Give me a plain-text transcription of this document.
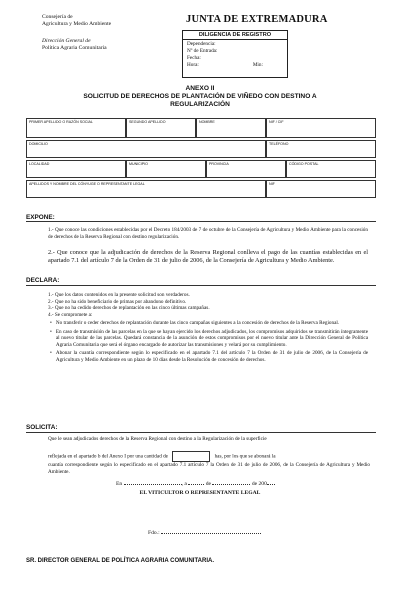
Consejería de
Agricultura y Medio Ambiente
Dirección General de
Política Agraria Comunitaria
JUNTA DE EXTREMADURA
DILIGENCIA DE REGISTRO
Dependencia:
Nº de Entrada:
Fecha:
Hora:	Min:
ANEXO II
SOLICITUD DE DERECHOS DE PLANTACIÓN DE VIÑEDO CON DESTINO A
REGULARIZACIÓN
PRIMER APELLIDO O RAZÓN SOCIAL	SEGUNDO APELLIDO	NOMBRE	NIF / CIF
DOMICILIO	TELÉFONO
LOCALIDAD	MUNICIPIO	PROVINCIA	CÓDIGO POSTAL
APELLIDOS Y NOMBRE DEL CÓNYUGE O REPRESENTANTE LEGAL	NIF
EXPONE:
1.- Que conoce las condiciones establecidas por el Decreto 184/2003 de 7 de octubre de la Consejería de Agricultura y Medio Ambiente para la concesión de derechos de la Reserva Regional con destino regularización.
2.- Que conoce que la adjudicación de derechos de la Reserva Regional conlleva el pago de las cuantías establecidas en el apartado 7.1 del artículo 7 de la Orden de 31 de julio de 2006, de la Consejería de Agricultura y Medio Ambiente.
DECLARA:
1.- Que los datos contenidos en la presente solicitud son verdaderos.
2.- Que no ha sido beneficiario de primas por abandono definitivo.
3.- Que no ha cedido derechos de replantación en las cinco últimas campañas.
4.- Se compromete a:
• No transferir o ceder derechos de replantación durante las cinco campañas siguientes a la concesión de derechos de la Reserva Regional.
• En caso de transmisión de las parcelas en la que se hayan ejercido los derechos adjudicados, los compromisos adquiridos se transmitirán íntegramente al nuevo titular de las parcelas. Quedará constancia de la asunción de estos compromisos por el nuevo titular ante la Dirección General de Política Agraria Comunitaria que será el órgano encargado de autorizar las transmisiones y velará por su cumplimiento.
• Abonar la cuantía correspondiente según lo especificado en el apartado 7.1 del artículo 7 la Orden de 31 de julio de 2006, de la Consejería de Agricultura y Medio Ambiente en un plazo de 10 días desde la Resolución de concesión de derechos.
SOLICITA:
Que le sean adjudicados derechos de la Reserva Regional con destino a la Regularización de la superficie
reflejada en el apartado b del Anexo I por una cantidad de	has, por los que se abonará la
cuantía correspondiente según lo especificado en el apartado 7.1 artículo 7 la Orden de 31 de julio de 2006, de la Consejería de Agricultura y Medio Ambiente.
En	, a	de	de 200
EL VITICULTOR O REPRESENTANTE LEGAL
Fdo.:
SR. DIRECTOR GENERAL DE POLÍTICA AGRARIA COMUNITARIA.
